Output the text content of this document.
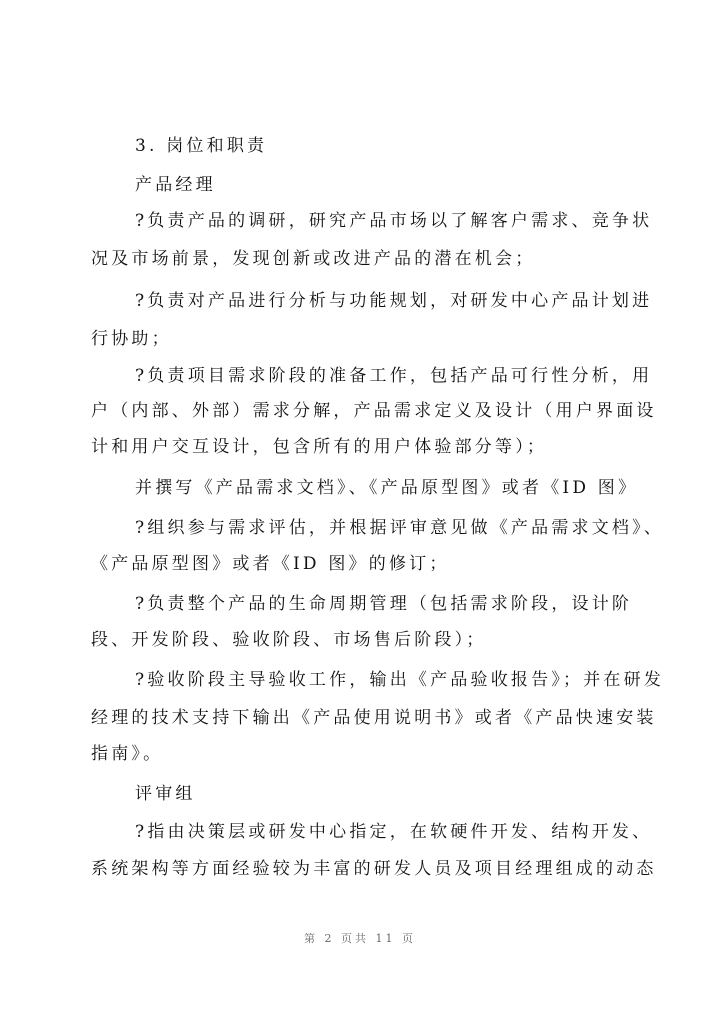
3. 岗位和职责
产品经理
?负责产品的调研，研究产品市场以了解客户需求、竞争状
况及市场前景，发现创新或改进产品的潜在机会；
?负责对产品进行分析与功能规划，对研发中心产品计划进
行协助；
?负责项目需求阶段的准备工作，包括产品可行性分析，用
户（内部、外部）需求分解，产品需求定义及设计（用户界面设
计和用户交互设计，包含所有的用户体验部分等）；
并撰写《产品需求文档》、《产品原型图》或者《ID 图》
?组织参与需求评估，并根据评审意见做《产品需求文档》、
《产品原型图》或者《ID 图》的修订；
?负责整个产品的生命周期管理（包括需求阶段，设计阶
段、开发阶段、验收阶段、市场售后阶段）；
?验收阶段主导验收工作，输出《产品验收报告》；并在研发
经理的技术支持下输出《产品使用说明书》或者《产品快速安装
指南》。
评审组
?指由决策层或研发中心指定，在软硬件开发、结构开发、
系统架构等方面经验较为丰富的研发人员及项目经理组成的动态
第 2 页共 11 页
